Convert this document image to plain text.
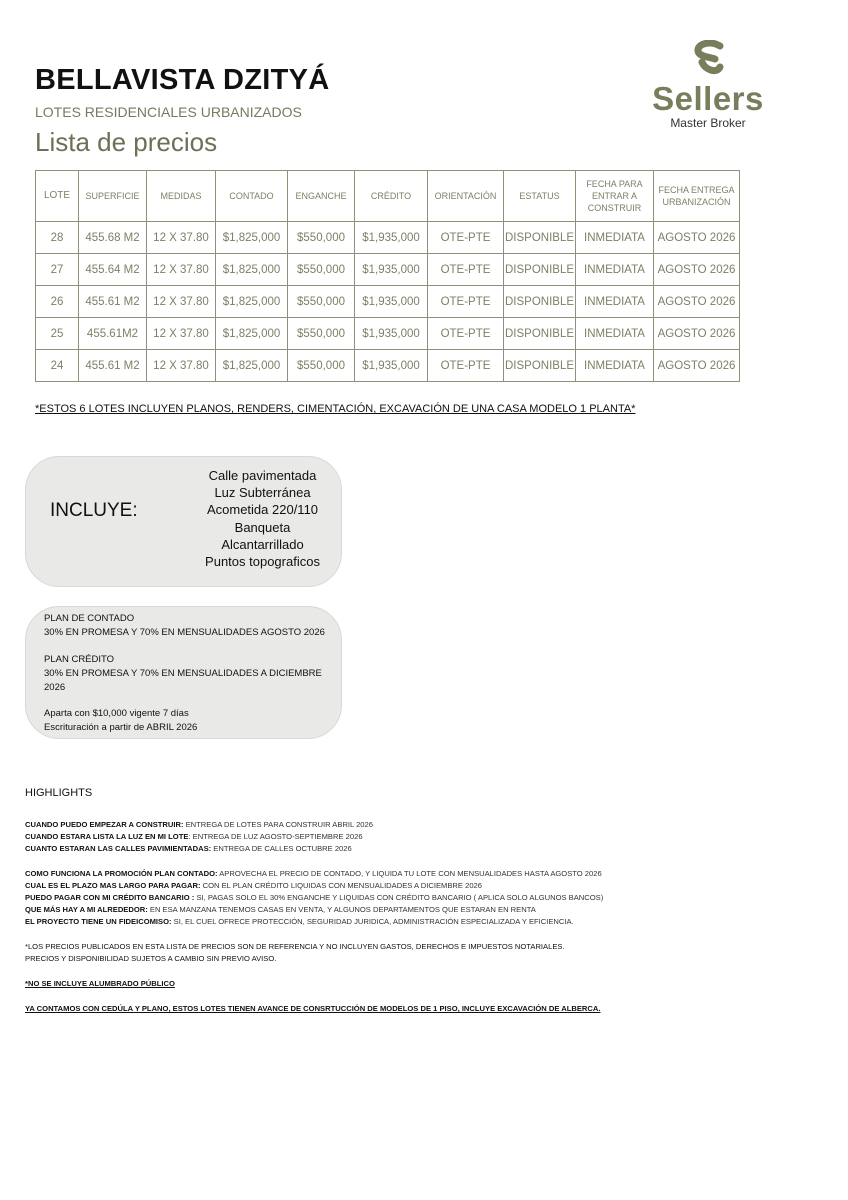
BELLAVISTA DZITYÁ
LOTES RESIDENCIALES URBANIZADOS
Lista de precios
Sellers
Master Broker
LOTE	SUPERFICIE	MEDIDAS	CONTADO	ENGANCHE	CRÉDITO	ORIENTACIÓN	ESTATUS	FECHA PARA ENTRAR A CONSTRUIR	FECHA ENTREGA URBANIZACIÓN
28	455.68 M2	12 X 37.80	$1,825,000	$550,000	$1,935,000	OTE-PTE	DISPONIBLE	INMEDIATA	AGOSTO 2026
27	455.64 M2	12 X 37.80	$1,825,000	$550,000	$1,935,000	OTE-PTE	DISPONIBLE	INMEDIATA	AGOSTO 2026
26	455.61 M2	12 X 37.80	$1,825,000	$550,000	$1,935,000	OTE-PTE	DISPONIBLE	INMEDIATA	AGOSTO 2026
25	455.61M2	12 X 37.80	$1,825,000	$550,000	$1,935,000	OTE-PTE	DISPONIBLE	INMEDIATA	AGOSTO 2026
24	455.61 M2	12 X 37.80	$1,825,000	$550,000	$1,935,000	OTE-PTE	DISPONIBLE	INMEDIATA	AGOSTO 2026
*ESTOS 6 LOTES INCLUYEN PLANOS, RENDERS, CIMENTACIÓN, EXCAVACIÓN DE UNA CASA MODELO 1 PLANTA*
INCLUYE:
Calle pavimentada
Luz Subterránea
Acometida 220/110
Banqueta
Alcantarrillado
Puntos topograficos

PLAN DE CONTADO

30% EN PROMESA Y 70% EN MENSUALIDADES AGOSTO 2026

PLAN CRÉDITO

30% EN PROMESA Y 70% EN MENSUALIDADES A DICIEMBRE 2026

Aparta con $10,000 vigente 7 días

Escrituración a partir de ABRIL 2026

HIGHLIGHTS
CUANDO PUEDO EMPEZAR A CONSTRUIR: ENTREGA DE LOTES PARA CONSTRUIR ABRIL 2026
CUANDO ESTARA LISTA LA LUZ EN MI LOTE: ENTREGA DE LUZ AGOSTO-SEPTIEMBRE 2026
CUANTO ESTARAN LAS CALLES PAVIMIENTADAS: ENTREGA DE CALLES OCTUBRE 2026
COMO FUNCIONA LA PROMOCIÓN PLAN CONTADO: APROVECHA EL PRECIO DE CONTADO, Y LIQUIDA TU LOTE CON MENSUALIDADES HASTA AGOSTO 2026
CUAL ES EL PLAZO MAS LARGO PARA PAGAR: CON EL PLAN CRÉDITO LIQUIDAS CON MENSUALIDADES A DICIEMBRE 2026
PUEDO PAGAR CON MI CRÉDITO BANCARIO : SI, PAGAS SOLO EL 30% ENGANCHE Y LIQUIDAS CON CRÉDITO BANCARIO ( APLICA SOLO ALGUNOS BANCOS)
QUE MÁS HAY A MI ALREDEDOR: EN ESA MANZANA TENEMOS CASAS EN VENTA, Y ALGUNOS DEPARTAMENTOS QUE ESTARAN EN RENTA
EL PROYECTO TIENE UN FIDEICOMISO: SI, EL CUEL OFRECE PROTECCIÓN, SEGURIDAD JURIDICA, ADMINISTRACIÓN ESPECIALIZADA Y EFICIENCIA.
*LOS PRECIOS PUBLICADOS EN ESTA LISTA DE PRECIOS SON DE REFERENCIA Y NO INCLUYEN GASTOS, DERECHOS E IMPUESTOS NOTARIALES.
PRECIOS Y DISPONIBILIDAD SUJETOS A CAMBIO SIN PREVIO AVISO.
*NO SE INCLUYE ALUMBRADO PÚBLICO
YA CONTAMOS CON CEDÚLA Y PLANO, ESTOS LOTES TIENEN AVANCE DE CONSRTUCCIÓN DE MODELOS DE 1 PISO, INCLUYE EXCAVACIÓN DE ALBERCA.
